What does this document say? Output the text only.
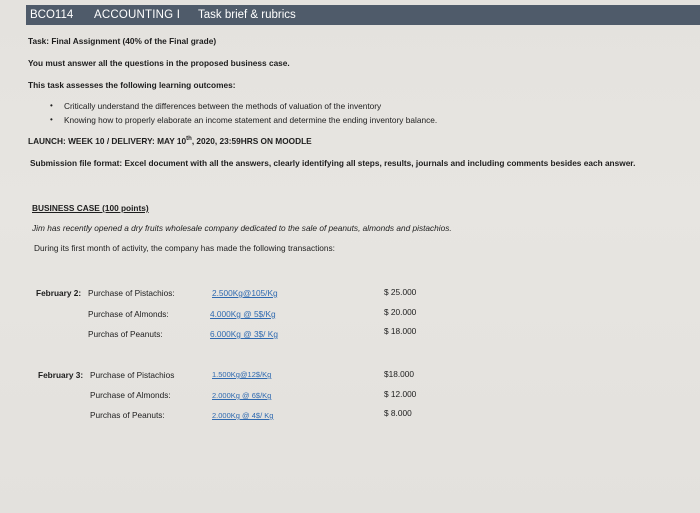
BCO114	ACCOUNTING I	Task brief & rubrics
Task: Final Assignment (40% of the Final grade)
You must answer all the questions in the proposed business case.
This task assesses the following learning outcomes:
• Critically understand the differences between the methods of valuation of the inventory
• Knowing how to properly elaborate an income statement and determine the ending inventory balance.
LAUNCH: WEEK 10 / DELIVERY: MAY 10th, 2020, 23:59HRS ON MOODLE
Submission file format: Excel document with all the answers, clearly identifying all steps, results, journals and including comments besides each answer.
BUSINESS CASE (100 points)
Jim has recently opened a dry fruits wholesale company dedicated to the sale of peanuts, almonds and pistachios.
During its first month of activity, the company has made the following transactions:
February 2: Purchase of Pistachios:	2.500Kg@105/Kg	$ 25.000
Purchase of Almonds:	4.000Kg @ 5$/Kg	$ 20.000
Purchas of Peanuts:	6.000Kg @ 3$/ Kg	$ 18.000
February 3: Purchase of Pistachios	1.500Kg@12$/Kg	$18.000
Purchase of Almonds:	2.000Kg @ 6$/Kg	$ 12.000
Purchas of Peanuts:	2.000Kg @ 4$/ Kg	$ 8.000
